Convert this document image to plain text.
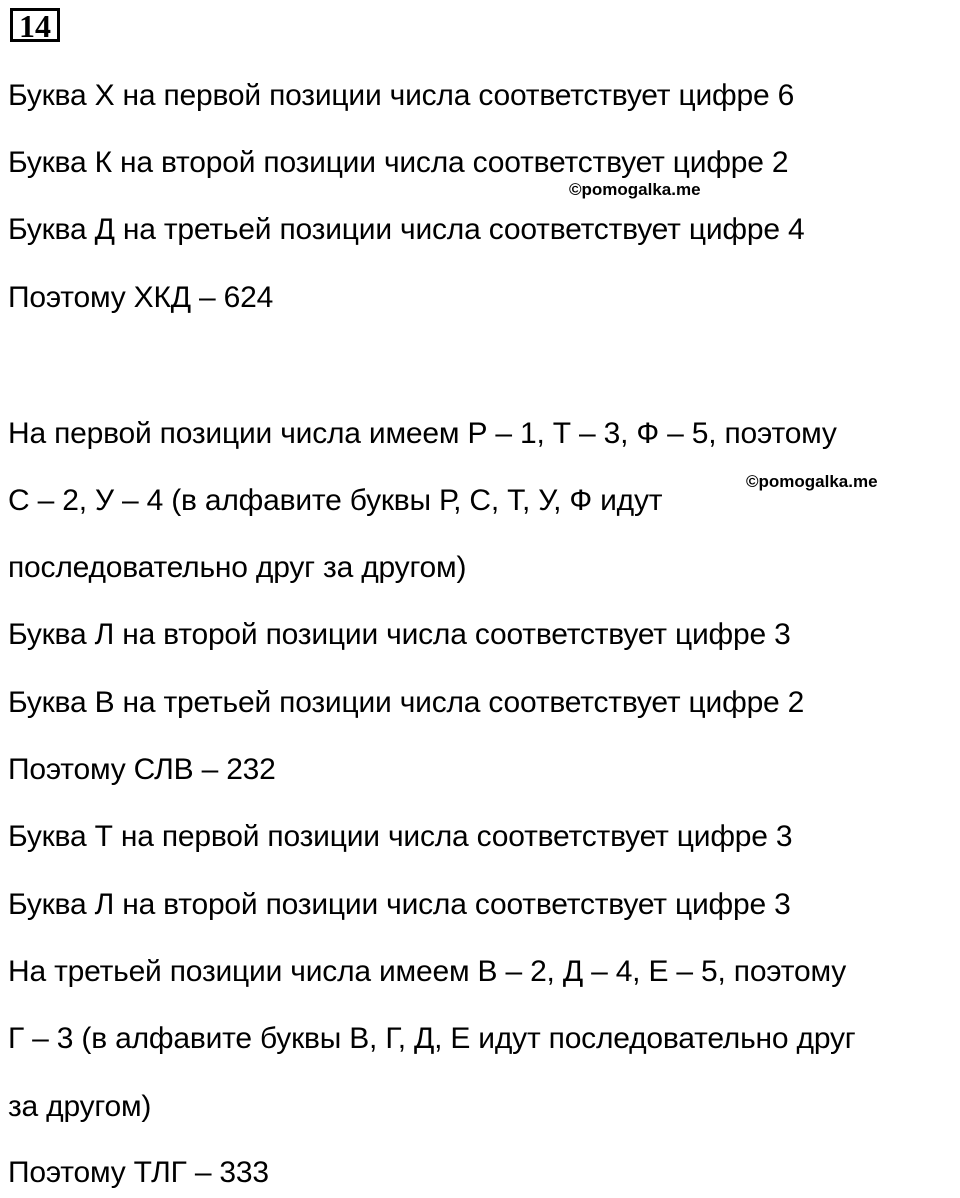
14
Буква Х на первой позиции числа соответствует цифре 6
Буква К на второй позиции числа соответствует цифре 2
©pomogalka.me
Буква Д на третьей позиции числа соответствует цифре 4
Поэтому ХКД – 624
На первой позиции числа имеем Р – 1, Т – 3, Ф – 5, поэтому
©pomogalka.me
С – 2, У – 4 (в алфавите буквы Р, С, Т, У, Ф идут
последовательно друг за другом)
Буква Л на второй позиции числа соответствует цифре 3
Буква В на третьей позиции числа соответствует цифре 2
Поэтому СЛВ – 232
Буква Т на первой позиции числа соответствует цифре 3
Буква Л на второй позиции числа соответствует цифре 3
На третьей позиции числа имеем В – 2, Д – 4, Е – 5, поэтому
Г – 3 (в алфавите буквы В, Г, Д, Е идут последовательно друг
за другом)
Поэтому ТЛГ – 333
